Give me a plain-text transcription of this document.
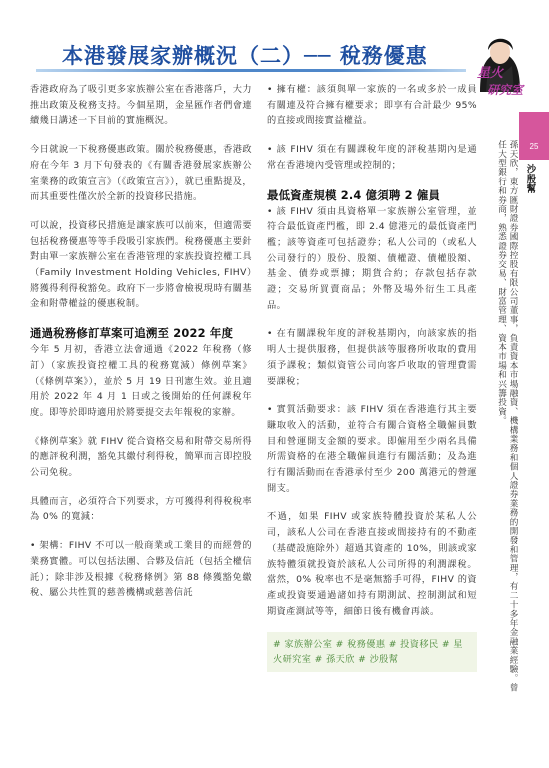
本港發展家辦概況（二）── 稅務優惠
星火
研究室

香港政府為了吸引更多家族辦公室在香港落戶，大力推出政策及稅務支持。今個星期，金星匯作者們會連續幾日講述一下目前的實施概況。

今日就說一下稅務優惠政策。關於稅務優惠，香港政府在今年 3 月下旬發表的《有關香港發展家族辦公室業務的政策宣言》（《政策宣言》），就已重點提及，而其重要性僅次於全新的投資移民措施。

可以說，投資移民措施是讓家族可以前來，但適需要包括稅務優惠等等手段吸引家族們。稅務優惠主要針對由單一家族辦公室在香港管理的家族投資控權工具（Family Investment Holding Vehicles, FIHV）將獲得利得稅豁免。政府下一步將會檢視現時有關基金和附帶權益的優惠稅制。

通過稅務修訂草案可追溯至 2022 年度

今年 5 月初，香港立法會通過《2022 年稅務（修訂）（家族投資控權工具的稅務寬減）條例草案》（《條例草案》），並於 5 月 19 日刊憲生效。並且適用於 2022 年 4 月 1 日或之後開始的任何課稅年度。即等於即時適用於將要提交去年報稅的家辦。

《條例草案》就 FIHV 從合資格交易和附帶交易所得的應評稅利潤，豁免其繳付利得稅，簡單而言即控股公司免稅。

具體而言，必須符合下列要求，方可獲得利得稅稅率為 0% 的寬減：

• 架構：FIHV 不可以一般商業或工業目的而經營的業務實體。可以包括法團、合夥及信託（包括全權信託）；除非涉及根據《稅務條例》第 88 條獲豁免繳稅、屬公共性質的慈善機構或慈善信託

• 擁有權：該須與單一家族的一名或多於一成員有關連及符合擁有權要求；即享有合計最少 95% 的直接或間接實益權益。

• 該 FIHV 須在有關課稅年度的評稅基期內是通常在香港境內受管理或控制的；

最低資產規模 2.4 億須聘 2 僱員

• 該 FIHV 須由具資格單一家族辦公室管理，並符合最低資產門檻，即 2.4 億港元的最低資產門檻；該等資產可包括證券；私人公司的（或私人公司發行的）股份、股額、債權證、債權股額、基金、債券或票據；期貨合約；存款包括存款證；交易所買賣商品；外幣及場外衍生工具產品。

• 在有關課稅年度的評稅基期內，向該家族的指明人士提供服務，但提供該等服務所收取的費用須予課稅；類似資管公司向客戶收取的管理費需要課稅；

• 實質活動要求：該 FIHV 須在香港進行其主要賺取收入的活動，並符合有關合資格全職僱員數目和營運開支金額的要求。即僱用至少兩名具備所需資格的在港全職僱員進行有關活動；及為進行有關活動而在香港承付至少 200 萬港元的營運開支。

不過，如果 FIHV 或家族特體投資於某私人公司，該私人公司在香港直接或間接持有的不動產（基礎設施除外）超過其資產的 10%，則該或家族特體須就投資於該私人公司所得的利潤課稅。當然，0% 稅率也不是毫無豁手可得，FIHV 的資產或投資要通過諸如持有期測試、控制測試和短期資產測試等等，細節日後有機會再談。

# 家族辦公室 # 稅務優惠 # 投資移民 # 星火研究室 # 孫天欣 # 沙殷幫
25
沙殷幫
孫天欣，東方匯財證券國際控股有限公司董事，負責資本市場融資、機構業務和個人證券業務的開發和管理，有二十多年金融業經驗。曾任大型銀行和券商，熟悉證券交易、財富管理、資本市場和兴籌投資。
